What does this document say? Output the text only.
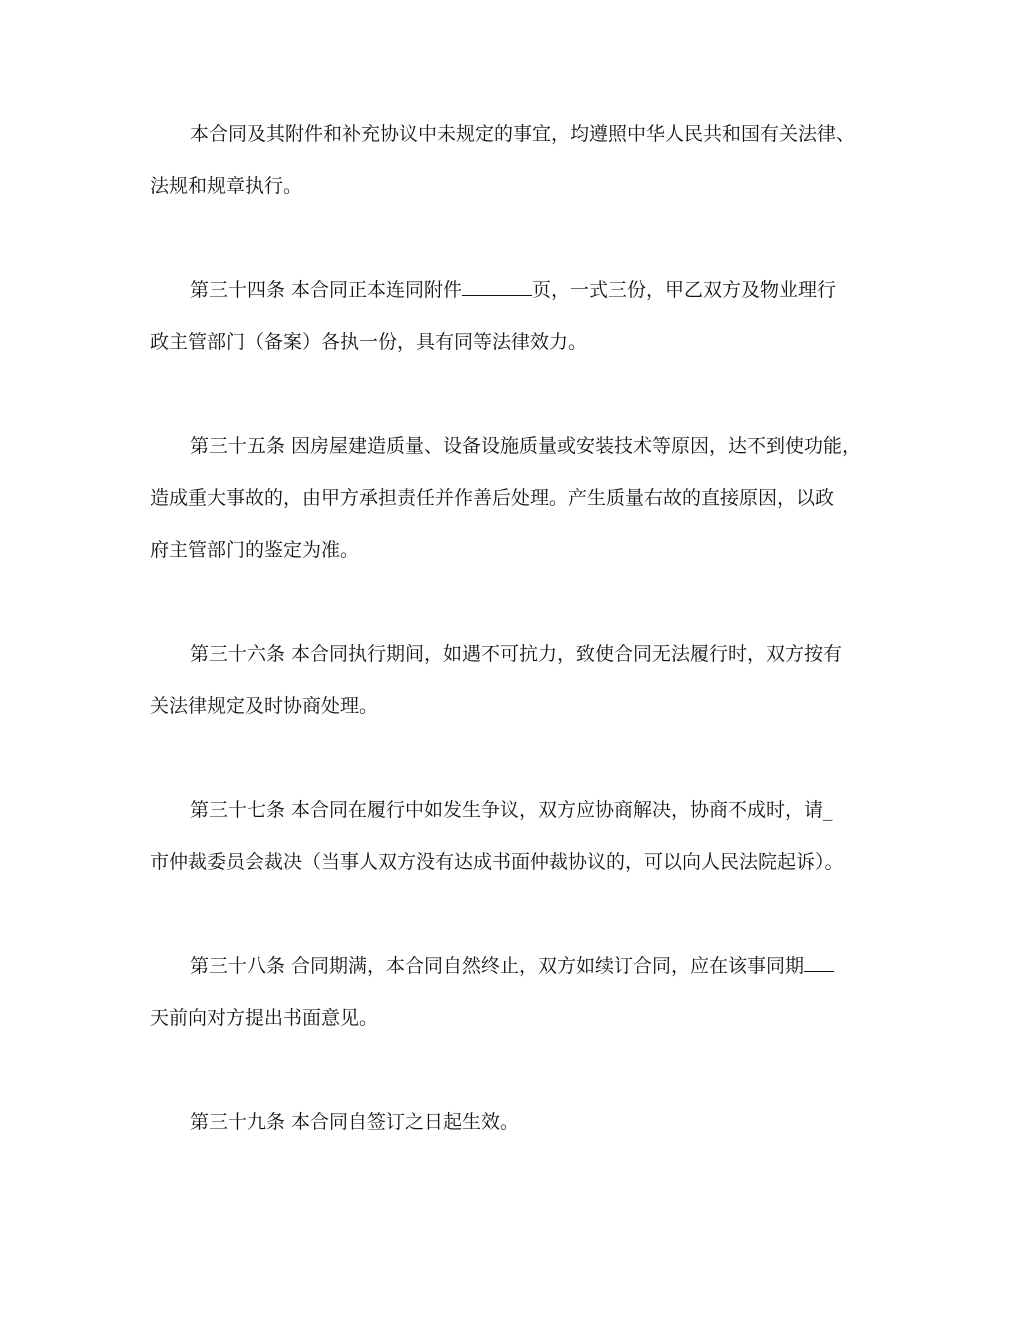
本合同及其附件和补充协议中未规定的事宜，均遵照中华人民共和国有关法律、
法规和规章执行。

第三十四条 本合同正本连同附件	页，一式三份，甲乙双方及物业理行
政主管部门（备案）各执一份，具有同等法律效力。

第三十五条 因房屋建造质量、设备设施质量或安装技术等原因，达不到使功能，
造成重大事故的，由甲方承担责任并作善后处理。产生质量右故的直接原因，以政
府主管部门的鉴定为准。

第三十六条 本合同执行期间，如遇不可抗力，致使合同无法履行时，双方按有
关法律规定及时协商处理。

第三十七条 本合同在履行中如发生争议，双方应协商解决，协商不成时，请_
市仲裁委员会裁决（当事人双方没有达成书面仲裁协议的，可以向人民法院起诉）。

第三十八条 合同期满，本合同自然终止，双方如续订合同，应在该事同期
天前向对方提出书面意见。

第三十九条 本合同自签订之日起生效。
